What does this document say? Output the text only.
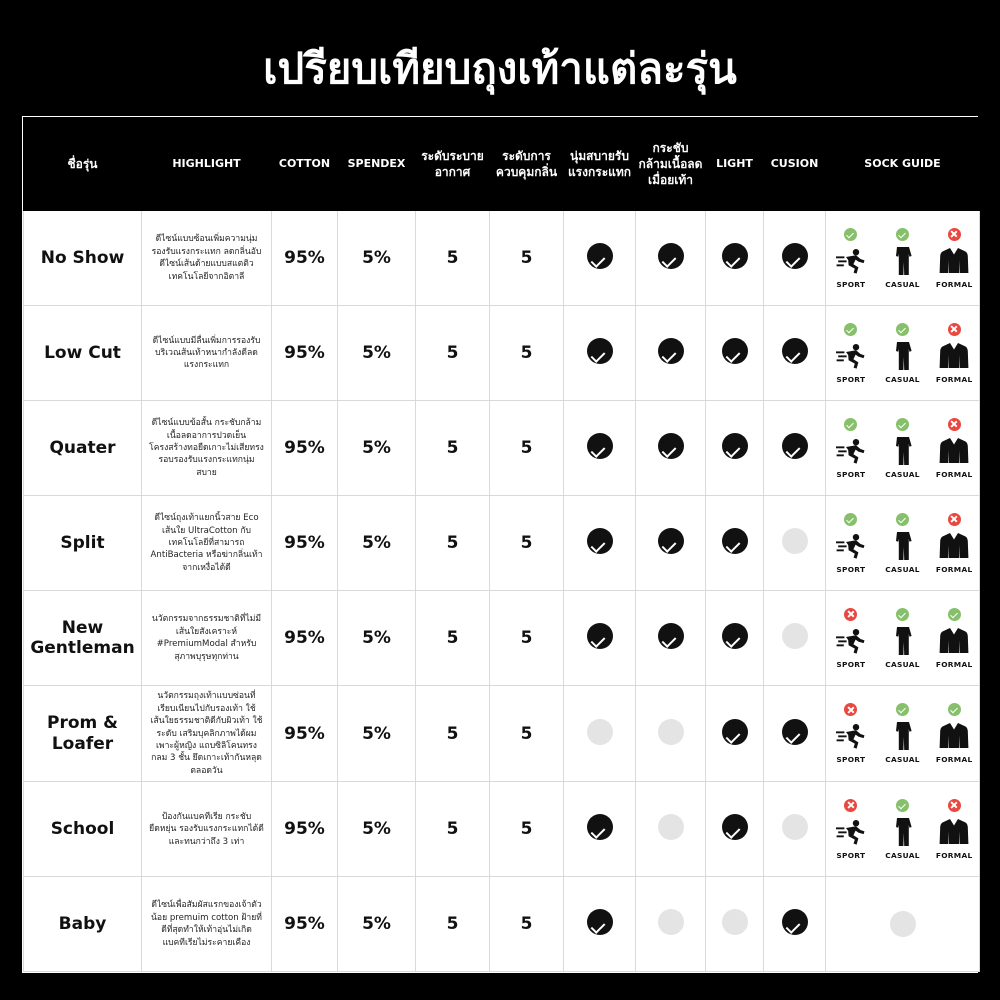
เปรียบเทียบถุงเท้าแต่ละรุ่น
ชื่อรุ่น	HIGHLIGHT	COTTON	SPENDEX	ระดับระบายอากาศ	ระดับการควบคุมกลิ่น	นุ่มสบายรับแรงกระแทก	กระชับกล้ามเนื้อลดเมื่อยเท้า	LIGHT	CUSION	SOCK GUIDE
No Show	ดีไซน์แบบซ้อนเพิ่มความนุ่มรองรับแรงกระแทก ลดกลิ่นอับ ดีไซน์เส้นด้ายแบบสแตติวเทคโนโลยีจากอิตาลี	95%	5%	5	5					SPORT CASUAL FORMAL

Low Cut	ดีไซน์แบบมีลื่นเพิ่มการรองรับบริเวณส้นเท้าหนากำลังดีลดแรงกระแทก	95%	5%	5	5					SPORT CASUAL FORMAL

Quater	ดีไซน์แบบข้อสั้น กระชับกล้ามเนื้อลดอาการปวดเย็น โครงสร้างทอยืดเกาะไม่เสียทรงรอบรองรับแรงกระแทกนุ่มสบาย	95%	5%	5	5					SPORT CASUAL FORMAL

Split	ดีไซน์ถุงเท้าแยกนิ้วสาย Eco เส้นใย UltraCotton กับเทคโนโลยีที่สามารถ AntiBacteria หรือฆ่ากลิ่นเท้าจากเหงื่อได้ดี	95%	5%	5	5					SPORT CASUAL FORMAL

New Gentleman	นวัตกรรมจากธรรมชาติที่ไม่มีเส้นใยสังเคราะห์ #PremiumModal สำหรับสุภาพบุรุษทุกท่าน	95%	5%	5	5					SPORT CASUAL FORMAL

Prom & Loafer	นวัตกรรมถุงเท้าแบบซ่อนที่เรียบเนียนไปกับรองเท้า ใช้เส้นใยธรรมชาติดีกับผิวเท้า ใช้ระดับ เสริมบุคลิกภาพได้ผมเพาะผู้หญิง แถบซิลิโคนทรงกลม 3 ชั้น ยึดเกาะเท้ากันหลุดตลอดวัน	95%	5%	5	5					SPORT CASUAL FORMAL

School	ป้องกันแบคทีเรีย กระชับ ยืดหยุ่น รองรับแรงกระแทกได้ดีและทนกว่าถึง 3 เท่า	95%	5%	5	5					SPORT CASUAL FORMAL

Baby	ดีไซน์เพื่อสัมผัสแรกของเจ้าตัวน้อย premuim cotton ฝ้ายที่ดีที่สุดทำให้เท้าอุ่นไม่เกิดแบคทีเรียไม่ระคายเคือง	95%	5%	5	5					
